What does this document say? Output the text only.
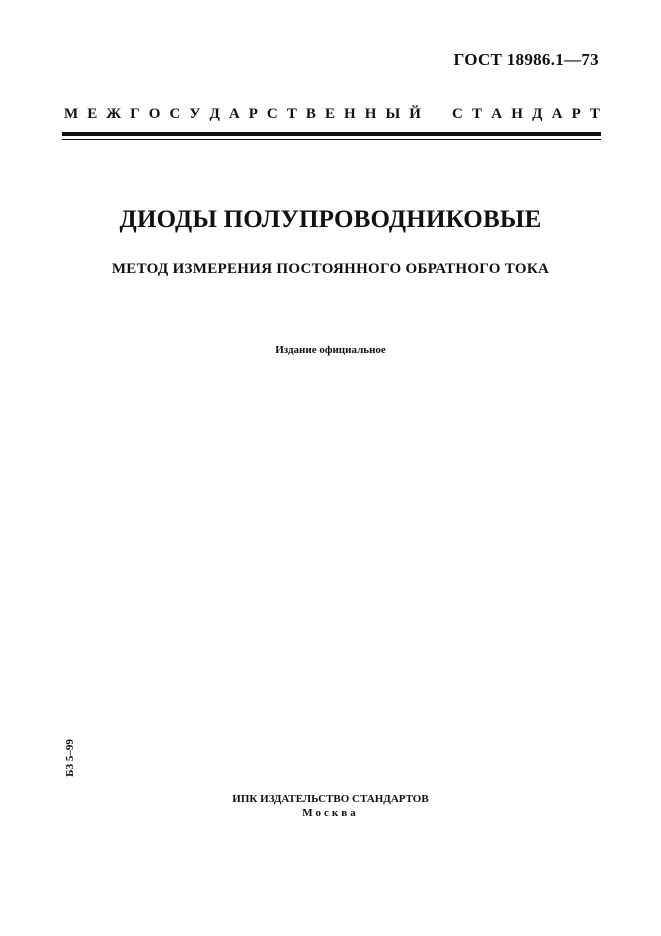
ГОСТ 18986.1—73
М Е Ж Г О С У Д А Р С Т В Е Н Н Ы Й С Т А Н Д А Р Т
ДИОДЫ ПОЛУПРОВОДНИКОВЫЕ
МЕТОД ИЗМЕРЕНИЯ ПОСТОЯННОГО ОБРАТНОГО ТОКА
Издание официальное
БЗ 5–99
ИПК ИЗДАТЕЛЬСТВО СТАНДАРТОВ
Москва
